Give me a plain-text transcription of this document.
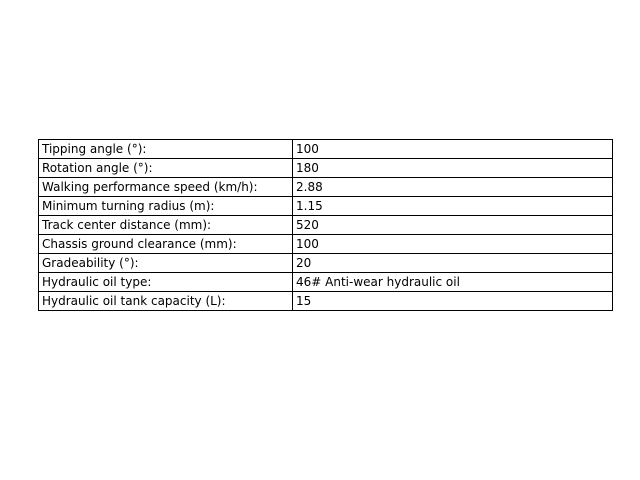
Tipping angle (°):	100
Rotation angle (°):	180
Walking performance speed (km/h):	2.88
Minimum turning radius (m):	1.15
Track center distance (mm):	520
Chassis ground clearance (mm):	100
Gradeability (°):	20
Hydraulic oil type:	46# Anti-wear hydraulic oil
Hydraulic oil tank capacity (L):	15
